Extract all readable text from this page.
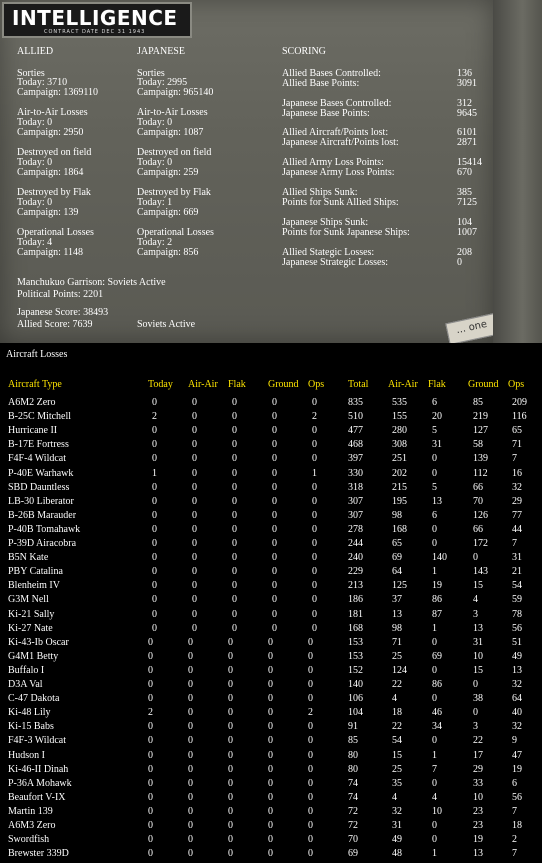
INTELLIGENCE
CONTRACT DATE DEC 31 1943
ALLIED
Sorties
Today: 3710
Campaign: 1369110
Air-to-Air Losses
Today: 0
Campaign: 2950
Destroyed on field
Today: 0
Campaign: 1864
Destroyed by Flak
Today: 0
Campaign: 139
Operational Losses
Today: 4
Campaign: 1148
JAPANESE
Sorties
Today: 2995
Campaign: 965140
Air-to-Air Losses
Today: 0
Campaign: 1087
Destroyed on field
Today: 0
Campaign: 259
Destroyed by Flak
Today: 1
Campaign: 669
Operational Losses
Today: 2
Campaign: 856
Manchukuo Garrison: Soviets Active
Political Points: 2201
Japanese Score: 38493
Allied Score: 7639	Soviets Active
SCORING
Allied Bases Controlled:	136
Allied Base Points:	3091
Japanese Bases Controlled:	312
Japanese Base Points:	9645
Allied Aircraft/Points lost:	6101
Japanese Aircraft/Points lost:	2871
Allied Army Loss Points:	15414
Japanese Army Loss Points:	670
Allied Ships Sunk:	385
Points for Sunk Allied Ships:	7125
Japanese Ships Sunk:	104
Points for Sunk Japanese Ships:	1007
Allied Stategic Losses:	208
Japanese Strategic Losses:	0
... one
Aircraft Losses
Aircraft Type	Today Air-Air Flak Ground Ops Total Air-Air Flak Ground Ops
A6M2 Zero	0	0	0	0	0	835	535	6	85	209
B-25C Mitchell	2	0	0	0	2	510	155	20	219 116
Hurricane II	0	0	0	0	0	477	280	5	127 65
B-17E Fortress	0	0	0	0	0	468	308	31	58	71
F4F-4 Wildcat	0	0	0	0	0	397	251	0	139 7
P-40E Warhawk	1	0	0	0	1	330	202	0	112 16
SBD Dauntless	0	0	0	0	0	318	215	5	66	32
LB-30 Liberator	0	0	0	0	0	307	195	13	70	29
B-26B Marauder	0	0	0	0	0	307	98	6	126 77
P-40B Tomahawk	0	0	0	0	0	278	168	0	66	44
P-39D Airacobra	0	0	0	0	0	244	65	0	172 7
B5N Kate	0	0	0	0	0	240	69	140	0	31
PBY Catalina	0	0	0	0	0	229	64	1	143 21
Blenheim IV	0	0	0	0	0	213	125	19	15	54
G3M Nell	0	0	0	0	0	186	37	86	4	59
Ki-21 Sally	0	0	0	0	0	181	13	87	3	78
Ki-27 Nate	0	0	0	0	0	168	98	1	13	56
Ki-43-Ib Oscar	0	0	0	0	0	153	71	0	31	51
G4M1 Betty	0	0	0	0	0	153	25	69	10	49
Buffalo I	0	0	0	0	0	152	124	0	15	13
D3A Val	0	0	0	0	0	140	22	86	0	32
C-47 Dakota	0	0	0	0	0	106	4	0	38	64
Ki-48 Lily	2	0	0	0	2	104	18	46	0	40
Ki-15 Babs	0	0	0	0	0	91	22	34	3	32
F4F-3 Wildcat	0	0	0	0	0	85	54	0	22	9
Hudson I	0	0	0	0	0	80	15	1	17	47
Ki-46-II Dinah	0	0	0	0	0	80	25	7	29	19
P-36A Mohawk	0	0	0	0	0	74	35	0	33	6
Beaufort V-IX	0	0	0	0	0	74	4	4	10	56
Martin 139	0	0	0	0	0	72	32	10	23	7
A6M3 Zero	0	0	0	0	0	72	31	0	23	18
Swordfish	0	0	0	0	0	70	49	0	19	2
Brewster 339D	0	0	0	0	0	69	48	1	13	7
